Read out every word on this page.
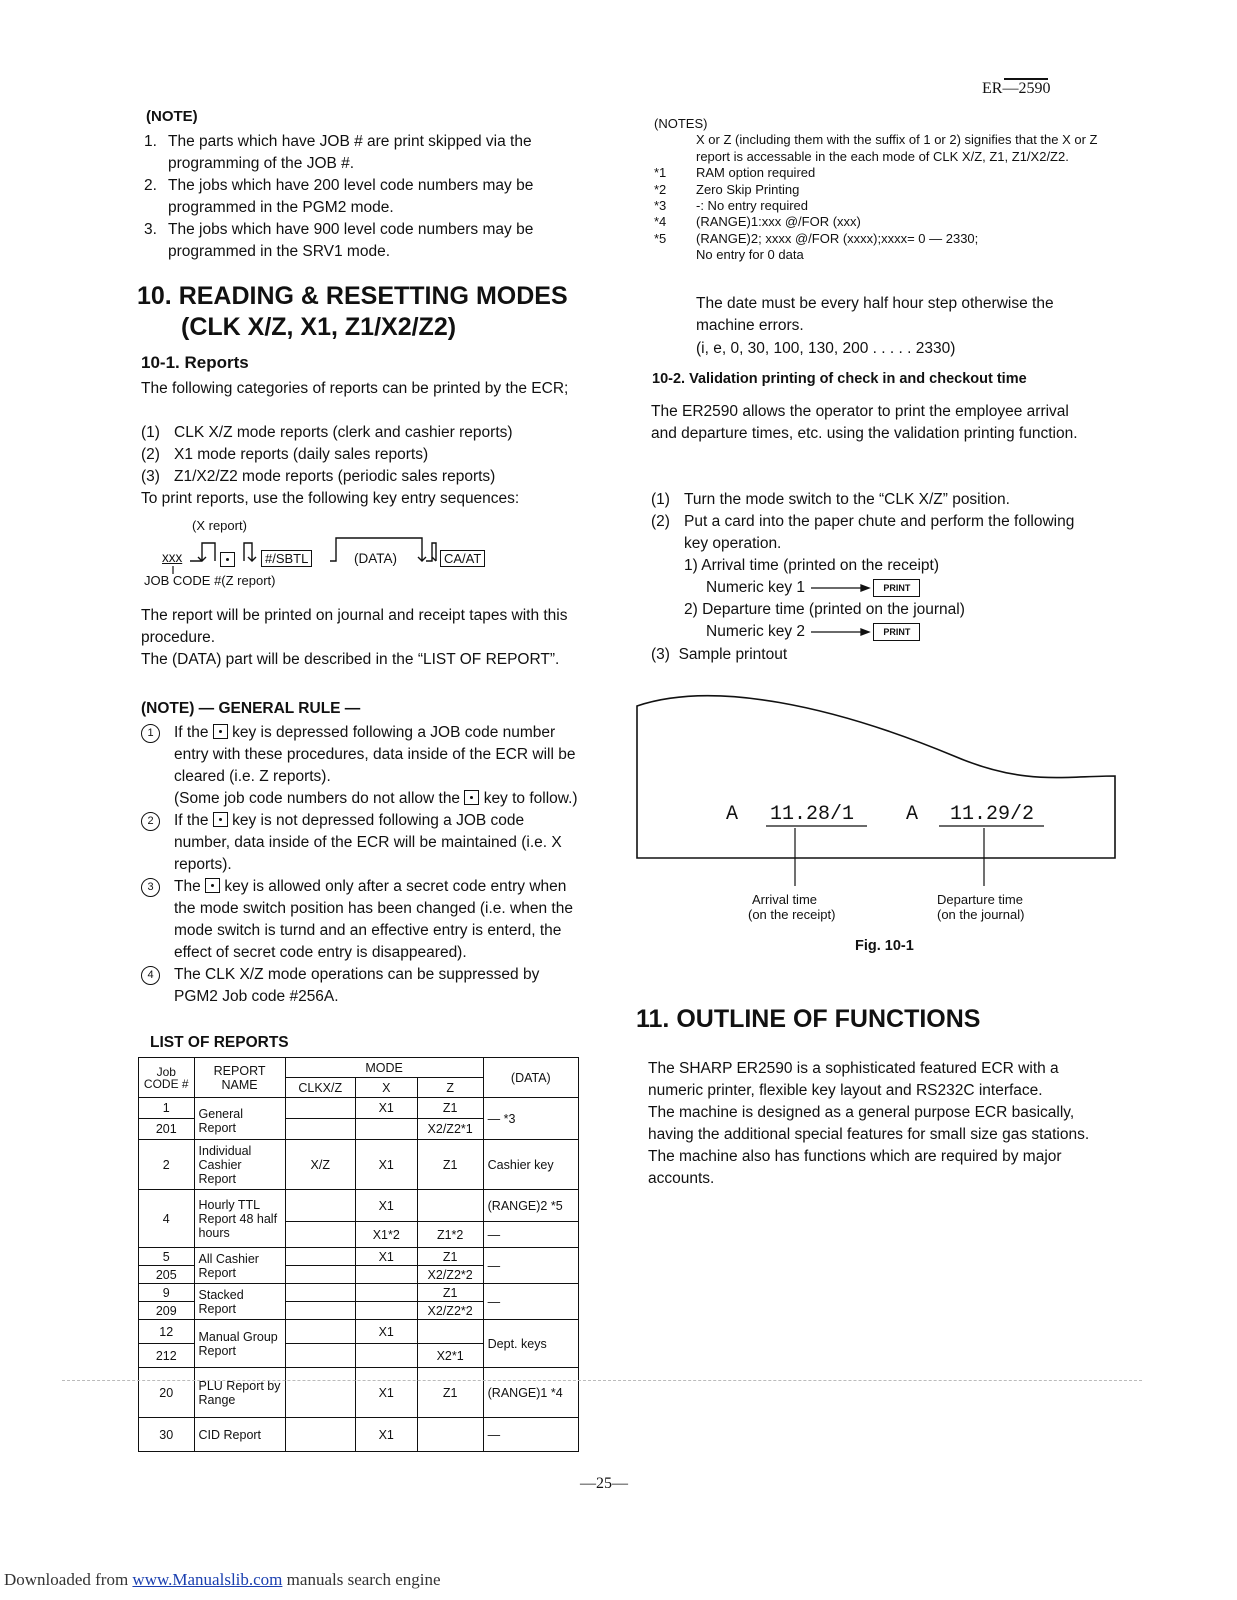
ER—2590
(NOTE)

1. The parts which have JOB # are print skipped via the programming of the JOB #.

2. The jobs which have 200 level code numbers may be programmed in the PGM2 mode.

3. The jobs which have 900 level code numbers may be programmed in the SRV1 mode.

10. READING & RESETTING MODES
(CLK X/Z, X1, Z1/X2/Z2)
10-1. Reports
The following categories of reports can be printed by the ECR;

(1) CLK X/Z mode reports (clerk and cashier reports)

(2) X1 mode reports (daily sales reports)

(3) Z1/X2/Z2 mode reports (periodic sales reports)

To print reports, use the following key entry sequences:
(X report)
xxx	#/SBTL	(DATA)	CA/AT
JOB CODE #(Z report)
The report will be printed on journal and receipt tapes with this procedure.
The (DATA) part will be described in the “LIST OF REPORT”.
(NOTE) — GENERAL RULE —

1	If the key is depressed following a JOB code number entry with these procedures, data inside of the ECR will be cleared (i.e. Z reports).
(Some job code numbers do not allow the key to follow.)

2	If the key is not depressed following a JOB code number, data inside of the ECR will be maintained (i.e. X reports).

3	The key is allowed only after a secret code entry when the mode switch position has been changed (i.e. when the mode switch is turnd and an effective entry is enterd, the effect of secret code entry is disappeared).

4	The CLK X/Z mode operations can be suppressed by PGM2 Job code #256A.

LIST OF REPORTS
Job CODE #	REPORT NAME	MODE			(DATA)
		CLKX/Z	X	Z	
1	General
Report		X1	Z1	— *3
201				X2/Z2*1	
2	Individual Cashier Report	X/Z	X1	Z1	Cashier key
4	Hourly TTL Report 48 half hours		X1		(RANGE)2 *5
			X1*2	Z1*2	—
5	All Cashier
Report		X1	Z1	—
205				X2/Z2*2	
9	Stacked
Report			Z1	—
209				X2/Z2*2	
12	Manual Group Report		X1		Dept. keys
212				X2*1	
20	PLU Report by Range		X1	Z1	(RANGE)1 *4
30	CID Report		X1		—
(NOTES)
X or Z (including them with the suffix of 1 or 2) signifies that the X or Z report is accessable in the each mode of CLK X/Z, Z1, Z1/X2/Z2.
*1	RAM option required
*2	Zero Skip Printing
*3	-: No entry required
*4	(RANGE)1:xxx @/FOR (xxx)
*5	(RANGE)2; xxxx @/FOR (xxxx);xxxx= 0 — 2330;
No entry for 0 data
The date must be every half hour step otherwise the machine errors.
(i, e, 0, 30, 100, 130, 200 . . . . . 2330)
10-2. Validation printing of check in and checkout time
The ER2590 allows the operator to print the employee arrival and departure times, etc. using the validation printing function.

(1) Turn the mode switch to the “CLK X/Z” position.

(2) Put a card into the paper chute and perform the following key operation.

1) Arrival time (printed on the receipt)
Numeric key 1	PRINT
2) Departure time (printed on the journal)
Numeric key 2	PRINT
(3) Sample printout
A 11.28/1	A 11.29/2
Arrival time
(on the receipt)
Departure time
(on the journal)
Fig. 10-1
11. OUTLINE OF FUNCTIONS
The SHARP ER2590 is a sophisticated featured ECR with a numeric printer, flexible key layout and RS232C interface.
The machine is designed as a general purpose ECR basically, having the additional special features for small size gas stations.
The machine also has functions which are required by major accounts.
—25—
Downloaded from www.Manualslib.com manuals search engine
